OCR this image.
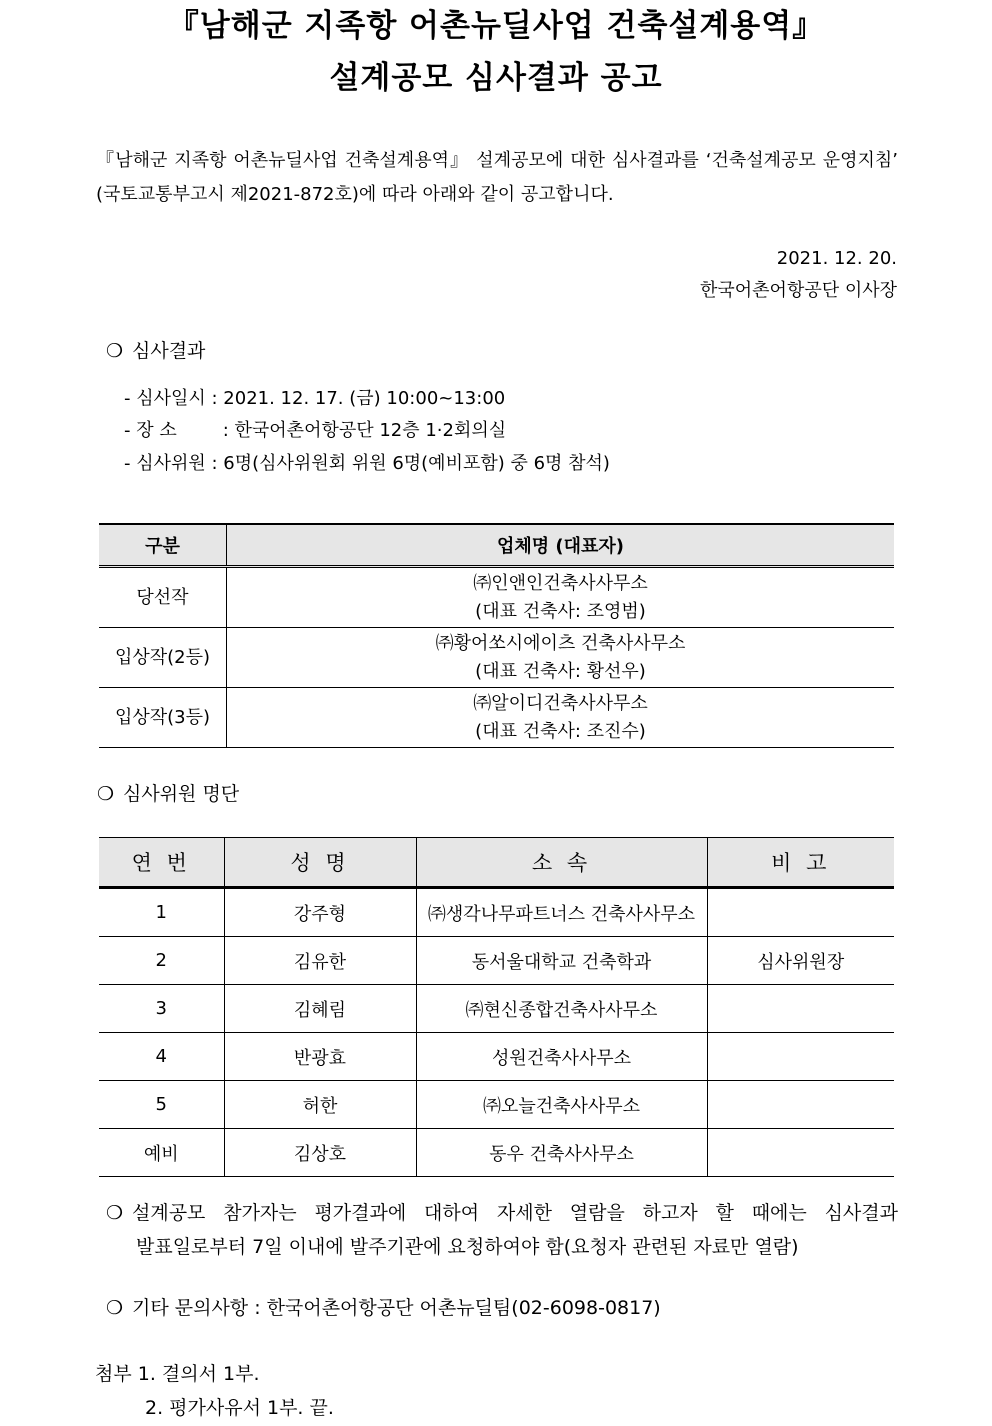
『남해군 지족항 어촌뉴딜사업 건축설계용역』
설계공모 심사결과 공고
『남해군 지족항 어촌뉴딜사업 건축설계용역』 설계공모에 대한 심사결과를 ‘건축설계공모 운영지침’
(국토교통부고시 제2021-872호)에 따라 아래와 같이 공고합니다.
2021. 12. 20.
한국어촌어항공단 이사장
❍ 심사결과
- 심사일시 : 2021. 12. 17. (금) 10:00~13:00
- 장 소 : 한국어촌어항공단 12층 1·2회의실
- 심사위원 : 6명(심사위원회 위원 6명(예비포함) 중 6명 참석)
구분	업체명 (대표자)
당선작	㈜인앤인건축사사무소
(대표 건축사: 조영범)

입상작(2등)	㈜황어쏘시에이츠 건축사사무소
(대표 건축사: 황선우)

입상작(3등)	㈜알이디건축사사무소
(대표 건축사: 조진수)
❍ 심사위원 명단
연 번	성 명	소 속	비 고
1	강주형	㈜생각나무파트너스 건축사사무소	
2	김유한	동서울대학교 건축학과	심사위원장
3	김혜림	㈜현신종합건축사사무소	
4	반광효	성원건축사사무소	
5	허한	㈜오늘건축사사무소	
예비	김상호	동우 건축사사무소	
❍ 설계공모 참가자는 평가결과에 대하여 자세한 열람을 하고자 할 때에는 심사결과
발표일로부터 7일 이내에 발주기관에 요청하여야 함(요청자 관련된 자료만 열람)
❍ 기타 문의사항 : 한국어촌어항공단 어촌뉴딜팀(02-6098-0817)
첨부 1. 결의서 1부.
2. 평가사유서 1부. 끝.
